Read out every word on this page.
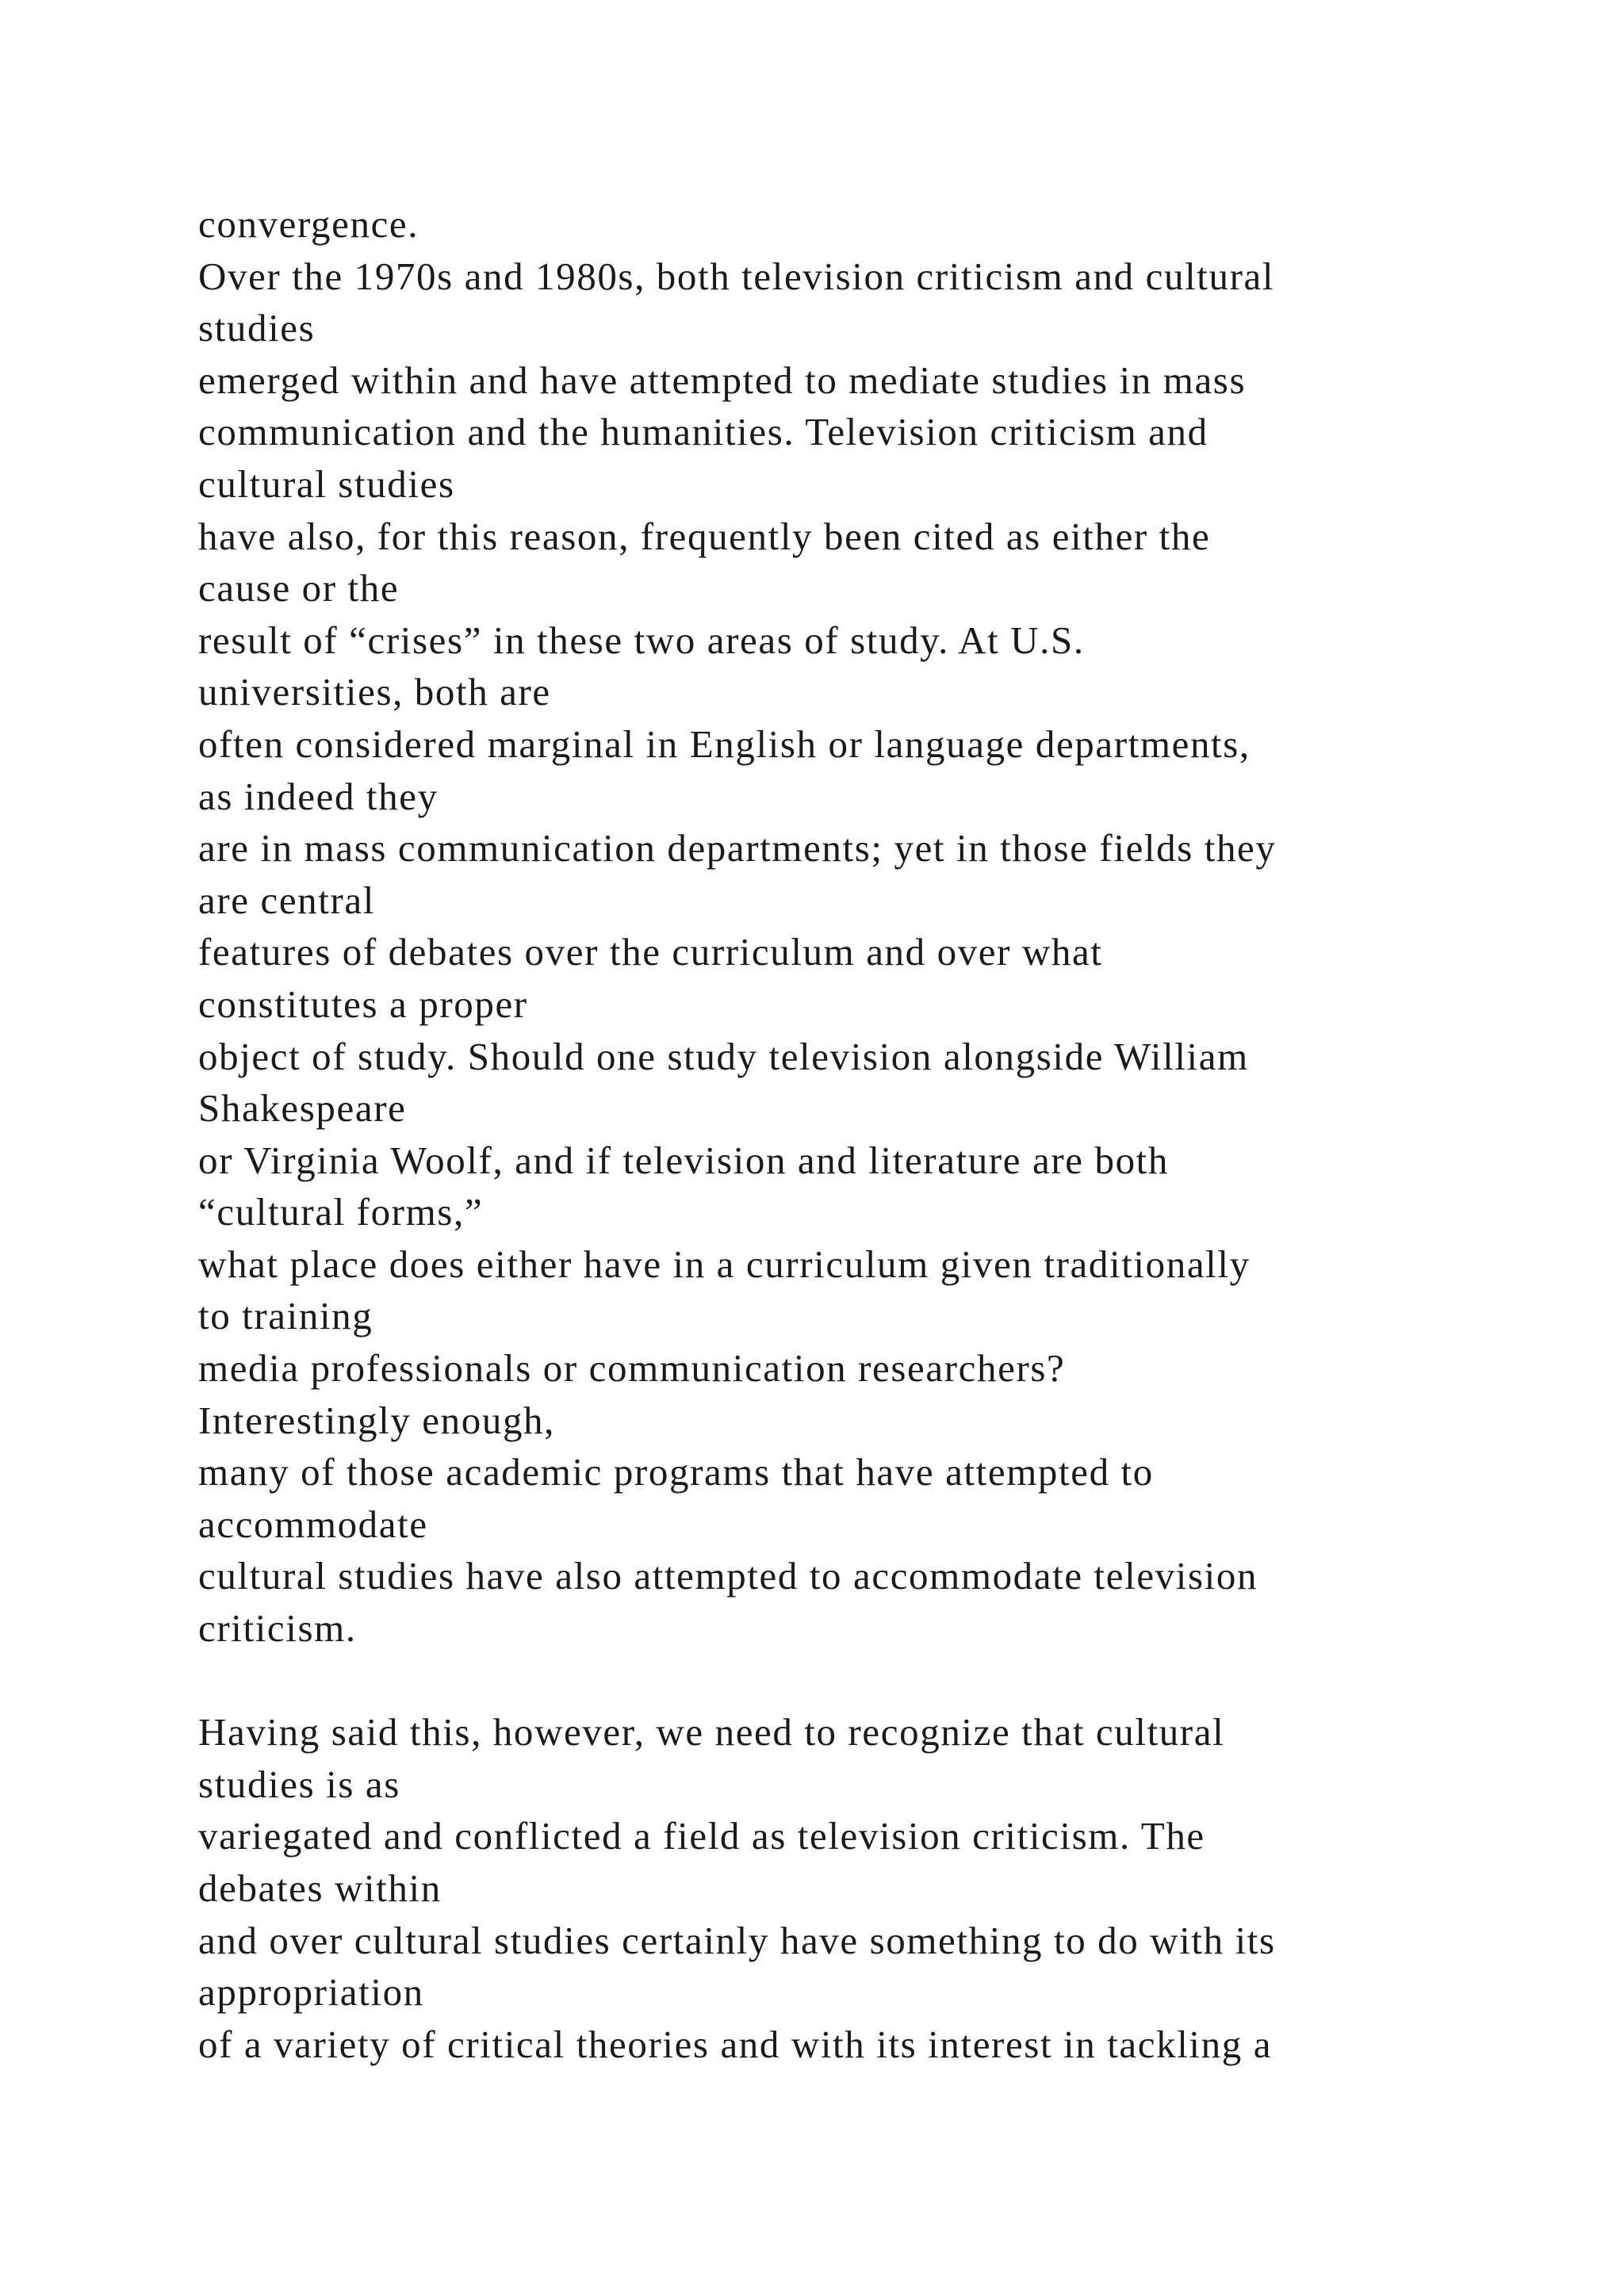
convergence.
Over the 1970s and 1980s, both television criticism and cultural
studies
emerged within and have attempted to mediate studies in mass
communication and the humanities. Television criticism and
cultural studies
have also, for this reason, frequently been cited as either the
cause or the
result of “crises” in these two areas of study. At U.S.
universities, both are
often considered marginal in English or language departments,
as indeed they
are in mass communication departments; yet in those fields they
are central
features of debates over the curriculum and over what
constitutes a proper
object of study. Should one study television alongside William
Shakespeare
or Virginia Woolf, and if television and literature are both
“cultural forms,”
what place does either have in a curriculum given traditionally
to training
media professionals or communication researchers?
Interestingly enough,
many of those academic programs that have attempted to
accommodate
cultural studies have also attempted to accommodate television
criticism.
Having said this, however, we need to recognize that cultural
studies is as
variegated and conflicted a field as television criticism. The
debates within
and over cultural studies certainly have something to do with its
appropriation
of a variety of critical theories and with its interest in tackling a
